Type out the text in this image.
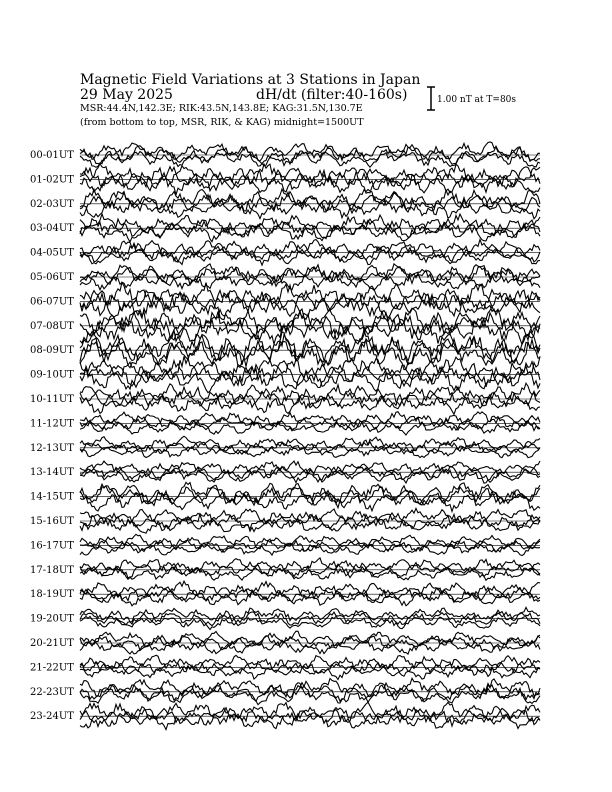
Magnetic Field Variations at 3 Stations in Japan
29 May 2025	dH/dt (filter:40-160s)
MSR:44.4N,142.3E; RIK:43.5N,143.8E; KAG:31.5N,130.7E
(from bottom to top, MSR, RIK, & KAG) midnight=1500UT
1.00 nT at T=80s
00-01UT
01-02UT
02-03UT
03-04UT
04-05UT
05-06UT
06-07UT
07-08UT
08-09UT
09-10UT
10-11UT
11-12UT
12-13UT
13-14UT
14-15UT
15-16UT
16-17UT
17-18UT
18-19UT
19-20UT
20-21UT
21-22UT
22-23UT
23-24UT
